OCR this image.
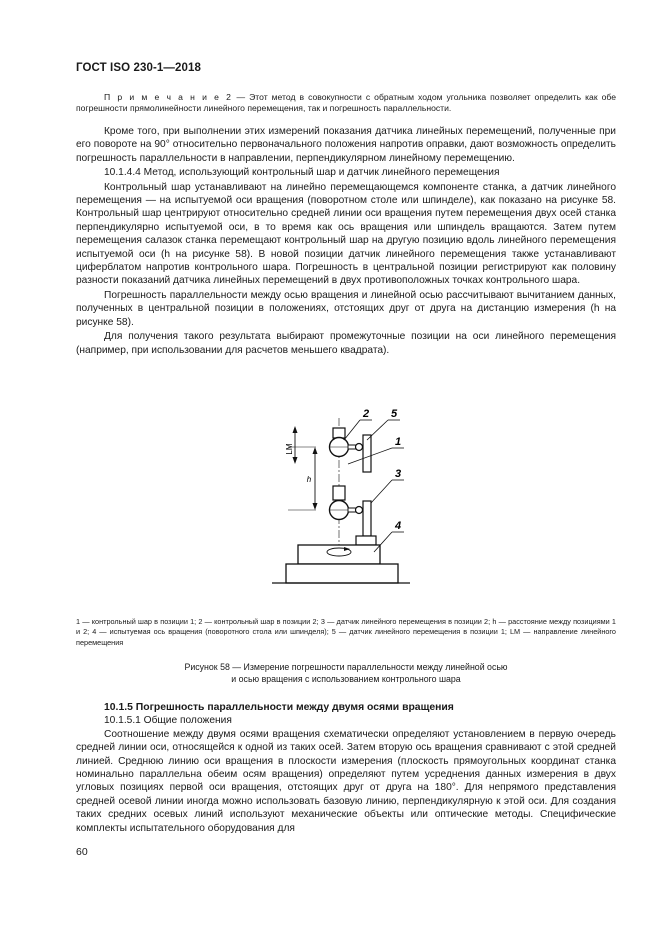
ГОСТ ISO 230-1—2018

П р и м е ч а н и е 2 — Этот метод в совокупности с обратным ходом угольника позволяет определить как обе погрешности прямолинейности линейного перемещения, так и погрешность параллельности.

Кроме того, при выполнении этих измерений показания датчика линейных перемещений, полученные при его повороте на 90° относительно первоначального положения напротив оправки, дают возможность определить погрешность параллельности в направлении, перпендикулярном линейному перемещению.

10.1.4.4 Метод, использующий контрольный шар и датчик линейного перемещения

Контрольный шар устанавливают на линейно перемещающемся компоненте станка, а датчик линейного перемещения — на испытуемой оси вращения (поворотном столе или шпинделе), как показано на рисунке 58. Контрольный шар центрируют относительно средней линии оси вращения путем перемещения двух осей станка перпендикулярно испытуемой оси, в то время как ось вращения или шпиндель вращаются. Затем путем перемещения салазок станка перемещают контрольный шар на другую позицию вдоль линейного перемещения испытуемой оси (h на рисунке 58). В новой позиции датчик линейного перемещения также устанавливают циферблатом напротив контрольного шара. Погрешность в центральной позиции регистрируют как половину разности показаний датчика линейных перемещений в двух противоположных точках контрольного шара.

Погрешность параллельности между осью вращения и линейной осью рассчитывают вычитанием данных, полученных в центральной позиции в положениях, отстоящих друг от друга на дистанцию измерения (h на рисунке 58).

Для получения такого результата выбирают промежуточные позиции на оси линейного перемещения (например, при использовании для расчетов меньшего квадрата).

LM
h
2 5
1
3
4

1 — контрольный шар в позиции 1; 2 — контрольный шар в позиции 2; 3 — датчик линейного перемещения в позиции 2; h — расстояние между позициями 1 и 2; 4 — испытуемая ось вращения (поворотного стола или шпинделя); 5 — датчик линейного перемещения в позиции 1; LM — направление линейного перемещения

Рисунок 58 — Измерение погрешности параллельности между линейной осью

и осью вращения с использованием контрольного шара

10.1.5 Погрешность параллельности между двумя осями вращения

10.1.5.1 Общие положения

Соотношение между двумя осями вращения схематически определяют установлением в первую очередь средней линии оси, относящейся к одной из таких осей. Затем вторую ось вращения сравнивают с этой средней линией. Среднюю линию оси вращения в плоскости измерения (плоскость прямоугольных координат станка номинально параллельна обеим осям вращения) определяют путем усреднения данных измерения в двух угловых позициях первой оси вращения, отстоящих друг от друга на 180°. Для непрямого представления средней осевой линии иногда можно использовать базовую линию, перпендикулярную к этой оси. Для создания таких средних осевых линий используют механические объекты или оптические методы. Специфические комплекты испытательного оборудования для

60
